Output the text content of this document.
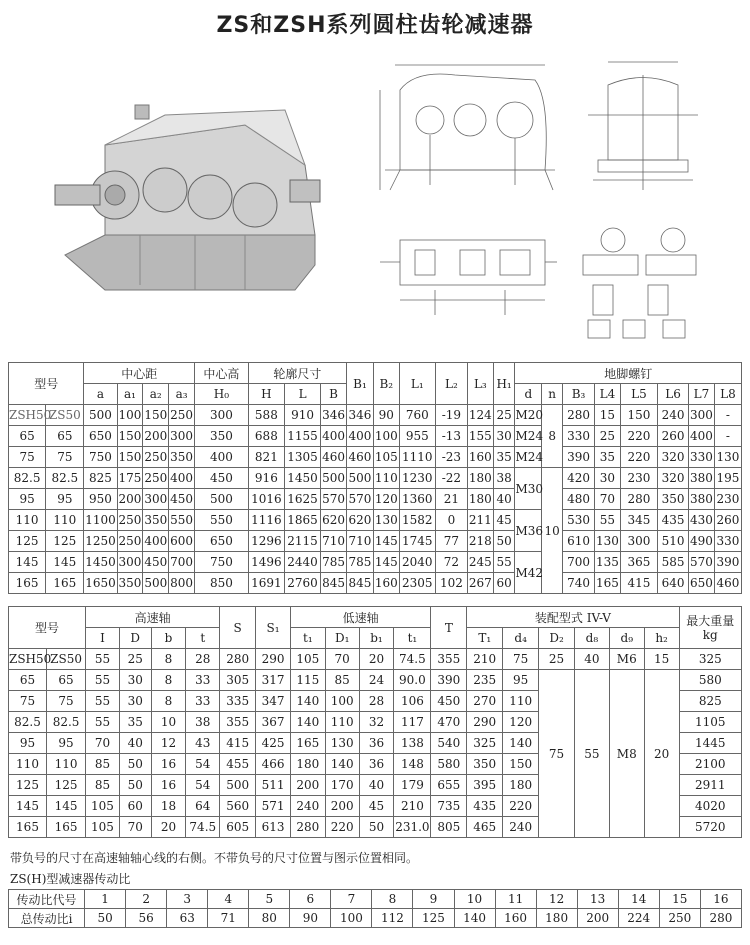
ZS和ZSH系列圆柱齿轮减速器
型号		中心距				中心高	轮廓尺寸			B₁	B₂	L₁	L₂	L₃	H₁	地脚螺钉							
		a	a₁	a₂	a₃	H₀	H	L	B							d	n	B₃	L4	L5	L6	L7	L8
ZSH50	ZS50	500	100	150	250	300	588	910	346	346	90	760	-19	124	25	M20	8	280	15	150	240	300	-
65	65	650	150	200	300	350	688	1155	400	400	100	955	-13	155	30	M24		330	25	220	260	400	-
75	75	750	150	250	350	400	821	1305	460	460	105	1110	-23	160	35	M24		390	35	220	320	330	130
82.5	82.5	825	175	250	400	450	916	1450	500	500	110	1230	-22	180	38	M30	10	420	30	230	320	380	195
95	95	950	200	300	450	500	1016	1625	570	570	120	1360	21	180	40			480	70	280	350	380	230
110	110	1100	250	350	550	550	1116	1865	620	620	130	1582	0	211	45	M36		530	55	345	435	430	260
125	125	1250	250	400	600	650	1296	2115	710	710	145	1745	77	218	50			610	130	300	510	490	330
145	145	1450	300	450	700	750	1496	2440	785	785	145	2040	72	245	55	M42		700	135	365	585	570	390
165	165	1650	350	500	800	850	1691	2760	845	845	160	2305	102	267	60			740	165	415	640	650	460
型号		高速轴				S	S₁	低速轴				T	装配型式 IV-V						最大重量 kg
		I	D	b	t			t₁	D₁	b₁	t₁		T₁	d₄	D₂	d₈	d₉	h₂	
ZSH50	ZS50	55	25	8	28	280	290	105	70	20	74.5	355	210	75	25	40	M6	15	325
65	65	55	30	8	33	305	317	115	85	24	90.0	390	235	95	75	55	M8	20	580
75	75	55	30	8	33	335	347	140	100	28	106	450	270	110					825
82.5	82.5	55	35	10	38	355	367	140	110	32	117	470	290	120					1105
95	95	70	40	12	43	415	425	165	130	36	138	540	325	140					1445
110	110	85	50	16	54	455	466	180	140	36	148	580	350	150					2100
125	125	85	50	16	54	500	511	200	170	40	179	655	395	180					2911
145	145	105	60	18	64	560	571	240	200	45	210	735	435	220					4020
165	165	105	70	20	74.5	605	613	280	220	50	231.0	805	465	240					5720
带负号的尺寸在高速轴轴心线的右侧。不带负号的尺寸位置与图示位置相同。
ZS(H)型减速器传动比
传动比代号	1	2	3	4	5	6	7	8	9	10	11	12	13	14	15	16
总传动比i	50	56	63	71	80	90	100	112	125	140	160	180	200	224	250	280
